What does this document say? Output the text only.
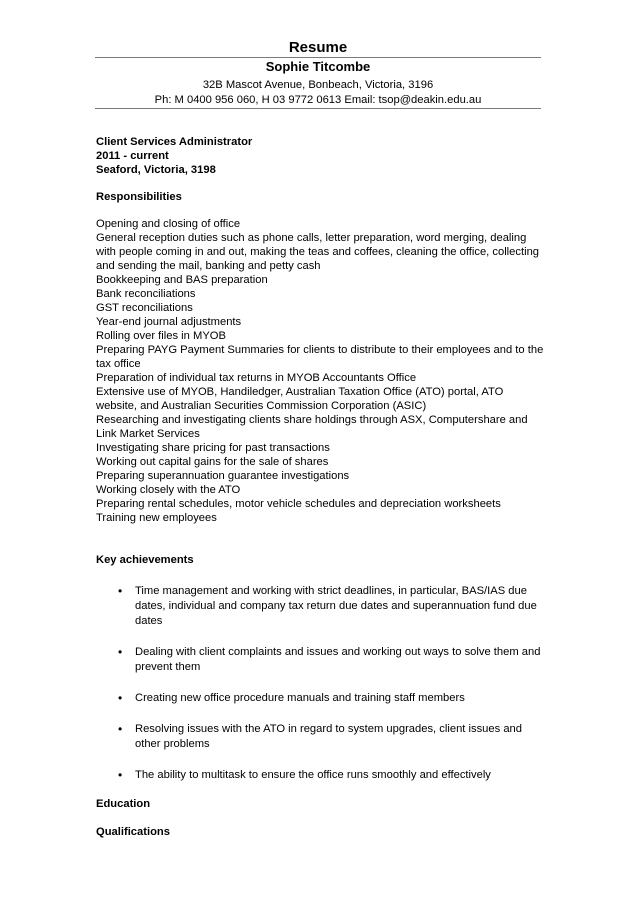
Resume
Sophie Titcombe
32B Mascot Avenue, Bonbeach, Victoria, 3196
Ph: M 0400 956 060, H 03 9772 0613 Email: tsop@deakin.edu.au
Client Services Administrator
2011 - current
Seaford, Victoria, 3198
Responsibilities
Opening and closing of office
General reception duties such as phone calls, letter preparation, word merging, dealing with people coming in and out, making the teas and coffees, cleaning the office, collecting and sending the mail, banking and petty cash
Bookkeeping and BAS preparation
Bank reconciliations
GST reconciliations
Year-end journal adjustments
Rolling over files in MYOB
Preparing PAYG Payment Summaries for clients to distribute to their employees and to the tax office
Preparation of individual tax returns in MYOB Accountants Office
Extensive use of MYOB, Handiledger, Australian Taxation Office (ATO) portal, ATO website, and Australian Securities Commission Corporation (ASIC)
Researching and investigating clients share holdings through ASX, Computershare and Link Market Services
Investigating share pricing for past transactions
Working out capital gains for the sale of shares
Preparing superannuation guarantee investigations
Working closely with the ATO
Preparing rental schedules, motor vehicle schedules and depreciation worksheets
Training new employees
Key achievements
• Time management and working with strict deadlines, in particular, BAS/IAS due dates, individual and company tax return due dates and superannuation fund due dates
• Dealing with client complaints and issues and working out ways to solve them and prevent them
• Creating new office procedure manuals and training staff members
• Resolving issues with the ATO in regard to system upgrades, client issues and other problems
• The ability to multitask to ensure the office runs smoothly and effectively
Education
Qualifications
